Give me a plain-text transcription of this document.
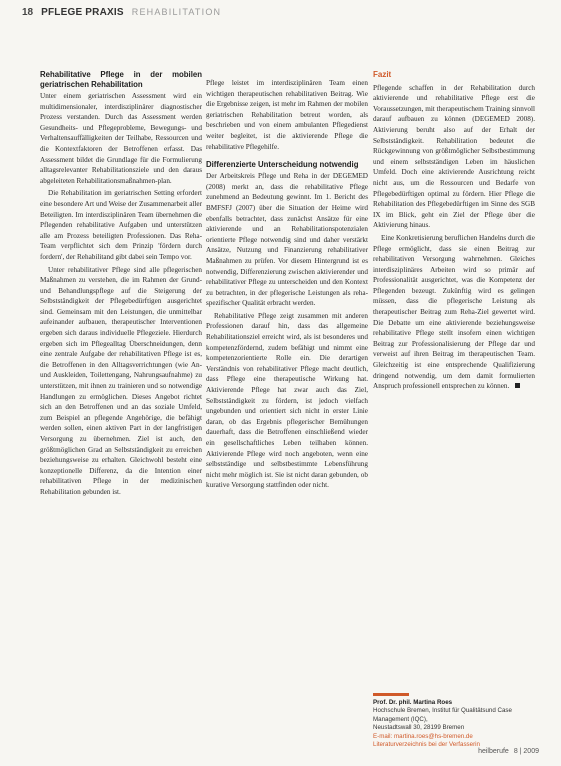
18 PFLEGE PRAXIS REHABILITATION
Rehabilitative Pflege in der mobilen geriatrischen Rehabilitation

Unter einem geriatrischen Assessment wird ein multidimensionaler, interdisziplinärer diagnostischer Prozess verstanden. Durch das Assessment werden Gesundheits- und Pflegeprobleme, Bewegungs- und Verhaltensauffälligkeiten der Teilhabe, Ressourcen und die Kontextfaktoren der Betroffenen erfasst. Das Assessment bildet die Grundlage für die Formulierung alltagsrelevanter Rehabilitationsziele und den daraus abgeleiteten Rehabilitationsmaßnahmen-plan.

Die Rehabilitation im geriatrischen Setting erfordert eine besondere Art und Weise der Zusammenarbeit aller Beteiligten. Im interdisziplinären Team übernehmen die Pflegenden rehabilitative Aufgaben und unterstützen alle am Prozess beteiligten Professionen. Das Reha-Team verpflichtet sich dem Prinzip 'fördern durch fordern', der Rehabilitand gibt dabei sein Tempo vor.

Unter rehabilitativer Pflege sind alle pflegerischen Maßnahmen zu verstehen, die im Rahmen der Grund- und Behandlungspflege auf die Steigerung der Selbstständigkeit der Pflegebedürftigen ausgerichtet sind. Gemeinsam mit den Leistungen, die unmittelbar aufeinander aufbauen, therapeutischer Interventionen ergeben sich daraus individuelle Pflegeziele. Hierdurch ergeben sich im Pflegealltag Überschneidungen, denn eine zentrale Aufgabe der rehabilitativen Pflege ist es, die Betroffenen in den Alltagsverrichtungen (wie An- und Auskleiden, Toilettengang, Nahrungsaufnahme) zu unterstützen, mit ihnen zu trainieren und so notwendige Handlungen zu ermöglichen. Dieses Angebot richtet sich an den Betroffenen und an das soziale Umfeld, zum Beispiel an pflegende Angehörige, die befähigt werden sollen, einen aktiven Part in der langfristigen Versorgung zu übernehmen. Ziel ist auch, den größtmöglichen Grad an Selbstständigkeit zu erreichen beziehungsweise zu erhalten. Gleichwohl besteht eine konzeptionelle Differenz, da die Intention einer rehabilitativen Pflege in der medizinischen Rehabilitation gebunden ist.

Pflege leistet im interdisziplinären Team einen wichtigen therapeutischen rehabilitativen Beitrag. Wie die Ergebnisse zeigen, ist mehr im Rahmen der mobilen geriatrischen Rehabilitation betreut worden, als beschrieben und von einem ambulanten Pflegedienst weiter begleitet, ist die aktivierende Pflege die rehabilitative Pflegehilfe.

Differenzierte Unterscheidung notwendig

Der Arbeitskreis Pflege und Reha in der DEGEMED (2008) merkt an, dass die rehabilitative Pflege zunehmend an Bedeutung gewinnt. Im 1. Bericht des BMFSFJ (2007) über die Situation der Heime wird ebenfalls betrachtet, dass zunächst Ansätze für eine aktivierende und an Rehabilitationspotenzialen orientierte Pflege notwendig sind und daher verstärkt Ansätze, Nutzung und Finanzierung rehabilitativer Maßnahmen zu prüfen. Vor diesem Hintergrund ist es notwendig, Differenzierung zwischen aktivierender und rehabilitativer Pflege zu unterscheiden und den Kontext zu betrachten, in der pflegerische Leistungen als reha-spezifischer Qualität erbracht werden.

Rehabilitative Pflege zeigt zusammen mit anderen Professionen darauf hin, dass das allgemeine Rehabilitationsziel erreicht wird, als ist besonderes und kompetenzfördernd, zudem befähigt und nimmt eine kompetenzorientierte Rolle ein. Die derartigen Verständnis von rehabilitativer Pflege macht deutlich, dass Pflege eine therapeutische Wirkung hat. Aktivierende Pflege hat zwar auch das Ziel, Selbstständigkeit zu fördern, ist jedoch vielfach ungebunden und orientiert sich nicht in erster Linie daran, ob das Ergebnis pflegerischer Bemühungen dauerhaft, dass die Betroffenen einschließend wieder ein gesellschaftliches Leben teilhaben können. Aktivierende Pflege wird noch angeboten, wenn eine selbstständige und selbstbestimmte Lebensführung nicht mehr möglich ist. Sie ist nicht daran gebunden, ob kurative Versorgung stattfinden oder nicht.

Fazit

Pflegende schaffen in der Rehabilitation durch aktivierende und rehabilitative Pflege erst die Voraussetzungen, mit therapeutischem Training sinnvoll darauf aufbauen zu können (DEGEMED 2008). Aktivierung beruht also auf der Erhalt der Selbstständigkeit. Rehabilitation bedeutet die Rückgewinnung von größtmöglicher Selbstbestimmung und einem selbstständigen Leben im häuslichen Umfeld. Doch eine aktivierende Ausrichtung reicht nicht aus, um die Ressourcen und Bedarfe von Pflegebedürftigen optimal zu fördern. Hier Pflege die Rehabilitation des Pflegebedürftigen im Sinne des SGB IX im Blick, geht ein Ziel der Pflege über die Aktivierung hinaus.

Eine Konkretisierung beruflichen Handelns durch die Pflege ermöglicht, dass sie einen Beitrag zur rehabilitativen Versorgung wahrnehmen. Gleiches interdisziplinäres Arbeiten wird so primär auf Professionalität ausgerichtet, was die Kompetenz der Pflegenden bezeugt. Zukünftig wird es gelingen müssen, dass die pflegerische Leistung als therapeutischer Beitrag zum Reha-Ziel gewertet wird. Die Debatte um eine aktivierende beziehungsweise rehabilitative Pflege stellt insofern einen wichtigen Beitrag zur Professionalisierung der Pflege dar und verweist auf ihren Beitrag im therapeutischen Team. Gleichzeitig ist eine entsprechende Qualifizierung dringend notwendig, um dem damit formulierten Anspruch professionell entsprechen zu können.

Prof. Dr. phil. Martina Roes
Hochschule Bremen, Institut für Qualitätsund Case Management (IQC),
Neustadtswall 30, 28199 Bremen
E-mail: martina.roes@hs-bremen.de
Literaturverzeichnis bei der Verfasserin
heilberufe 8 | 2009
